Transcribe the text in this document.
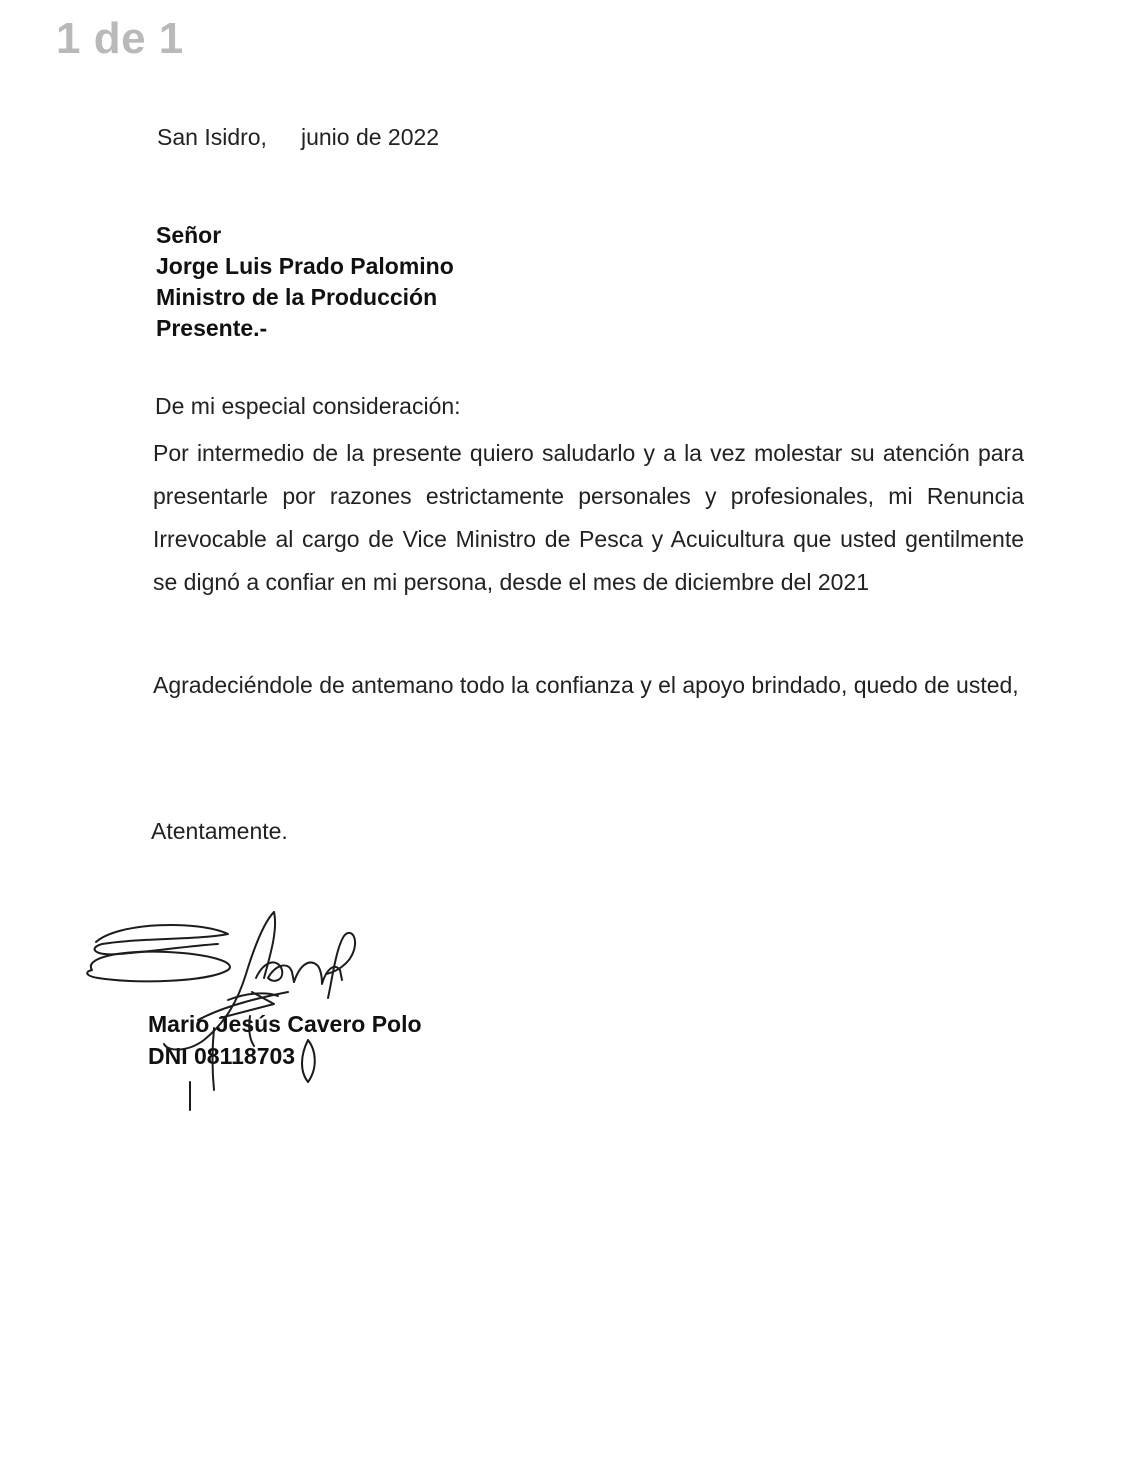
1 de 1
San Isidro, junio de 2022
Señor
Jorge Luis Prado Palomino
Ministro de la Producción
Presente.-
De mi especial consideración:
Por intermedio de la presente quiero saludarlo y a la vez molestar su atención para presentarle por razones estrictamente personales y profesionales, mi Renuncia Irrevocable al cargo de Vice Ministro de Pesca y Acuicultura que usted gentilmente se dignó a confiar en mi persona, desde el mes de diciembre del 2021
Agradeciéndole de antemano todo la confianza y el apoyo brindado, quedo de usted,
Atentamente.
Mario Jesús Cavero Polo
DNI 08118703
